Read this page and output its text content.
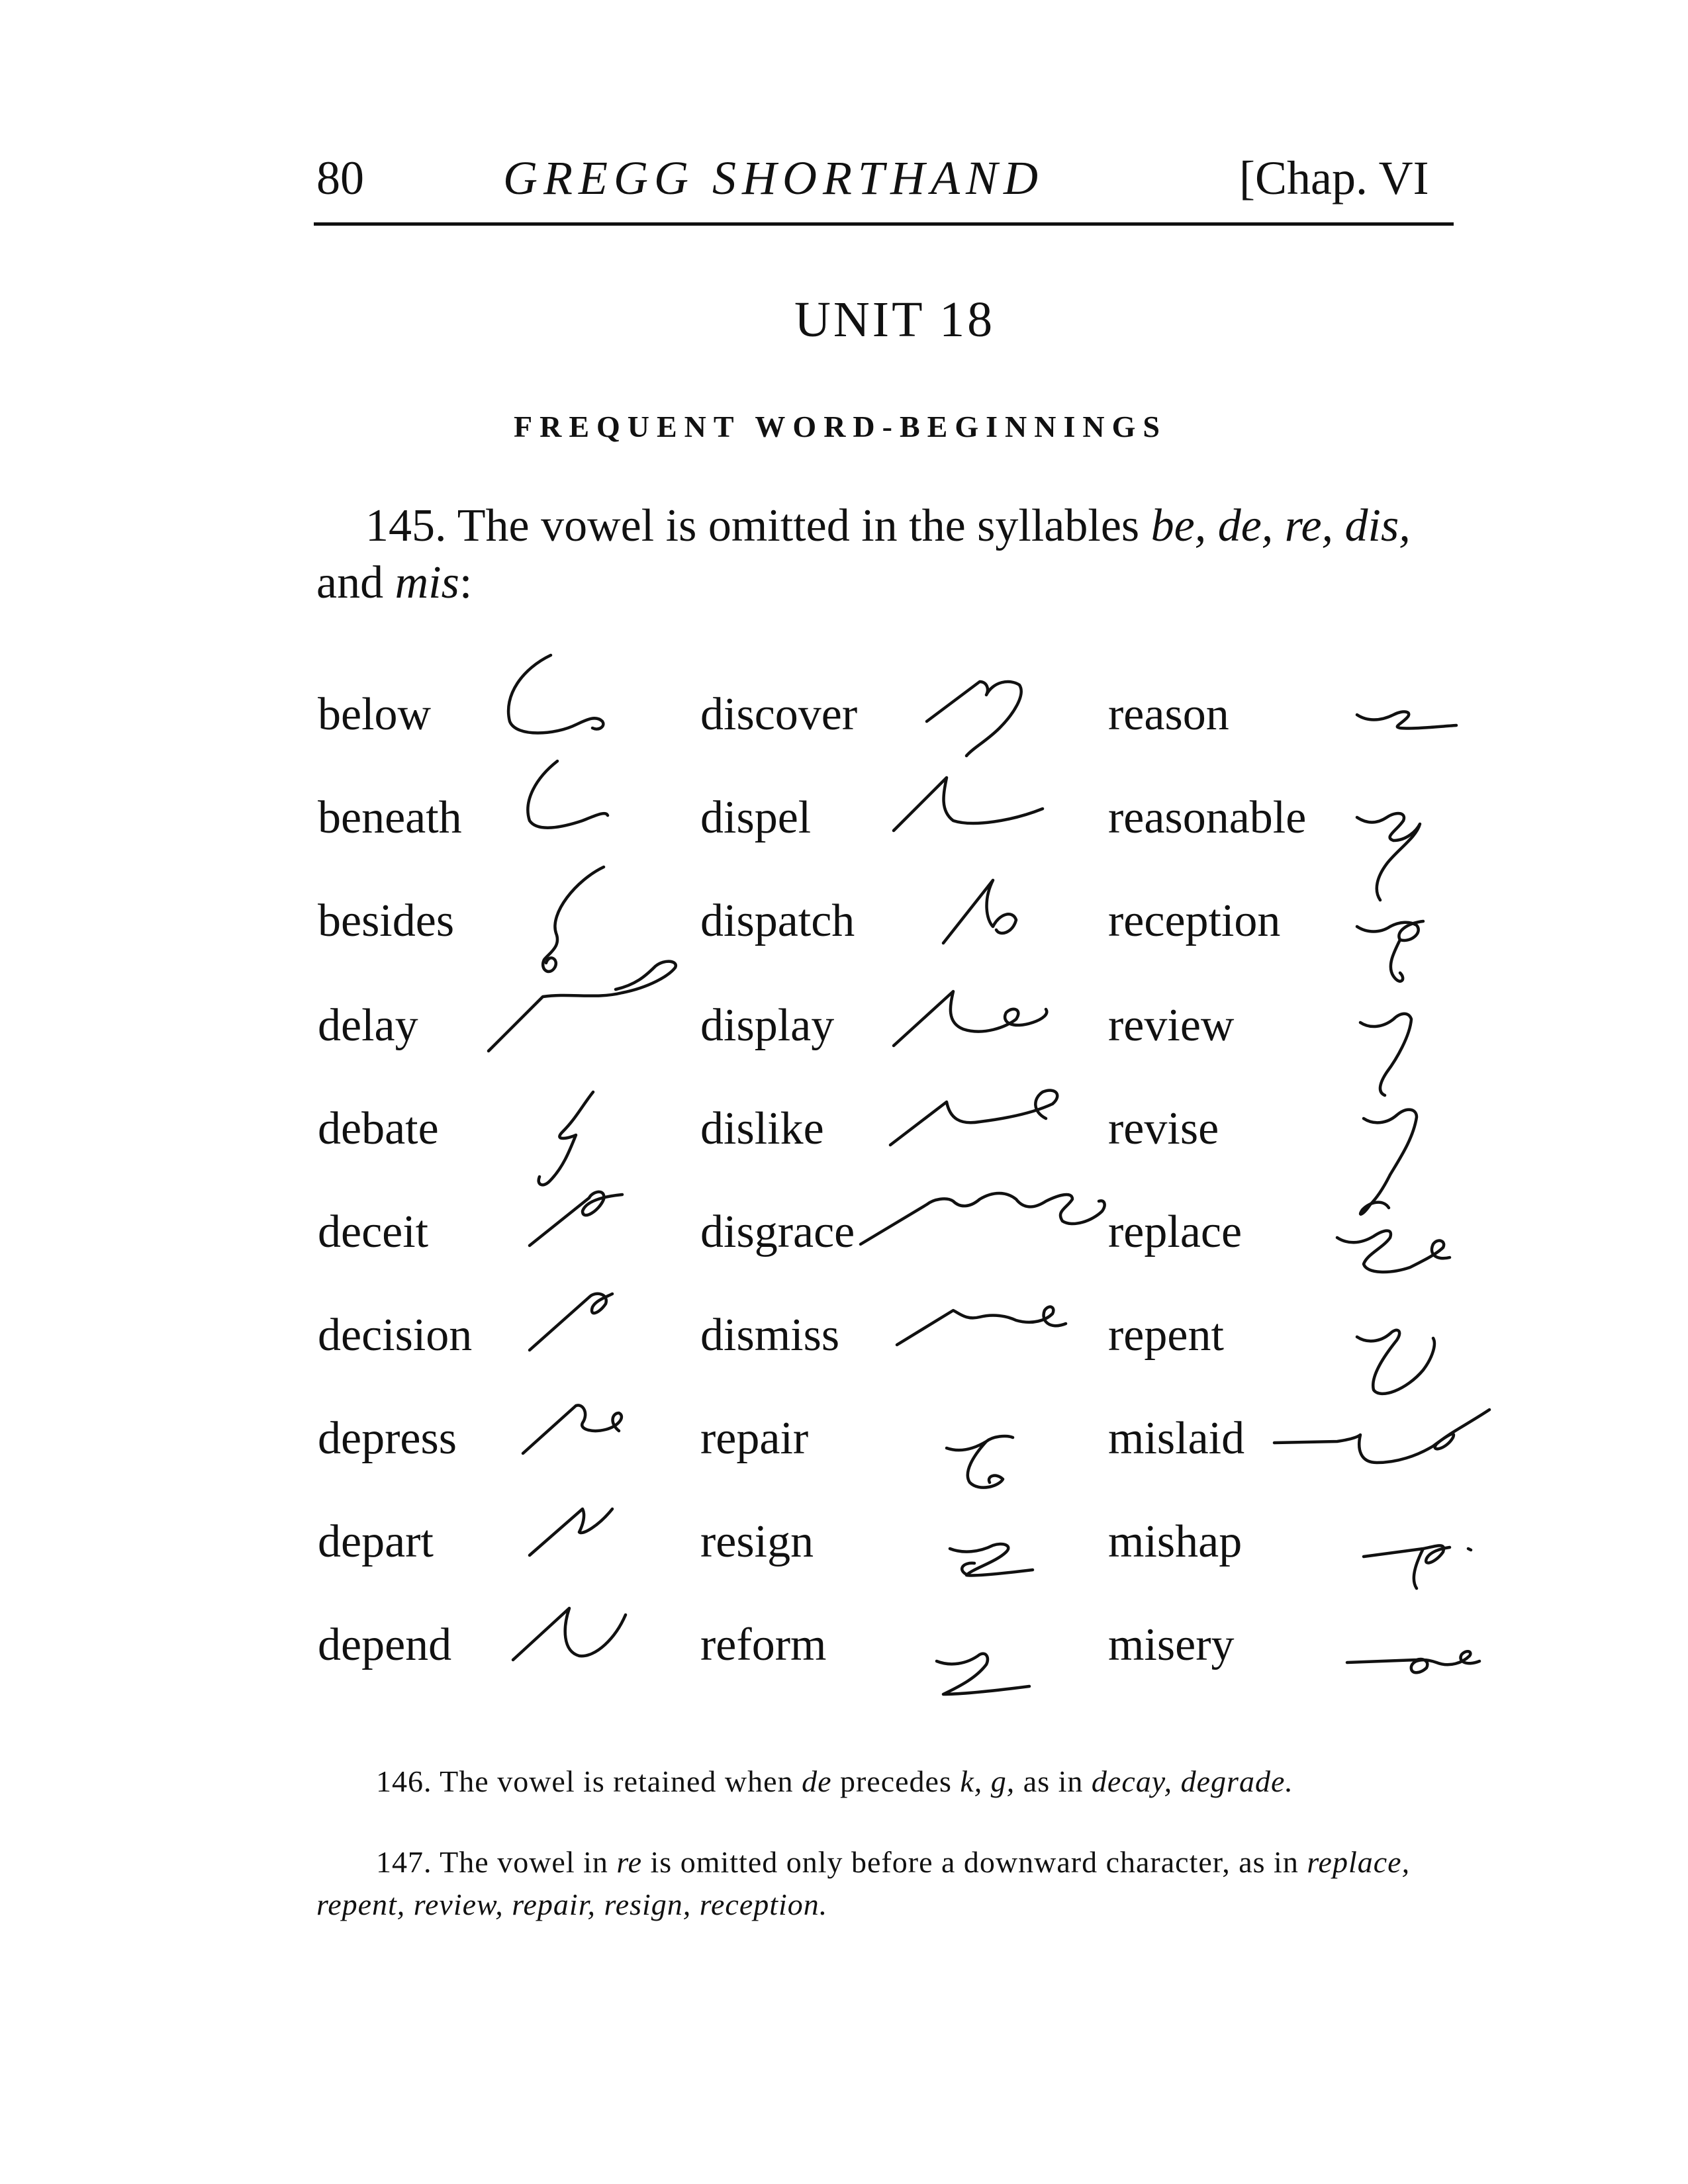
80	GREGG SHORTHAND	[Chap. VI
UNIT 18
FREQUENT WORD-BEGINNINGS
145. The vowel is omitted in the syllables be, de, re, dis, and mis:
below
beneath
besides
delay
debate
deceit
decision
depress
depart
depend
discover
dispel
dispatch
display
dislike
disgrace
dismiss
repair
resign
reform
reason
reasonable
reception
review
revise
replace
repent
mislaid
mishap
misery
146. The vowel is retained when de precedes k, g, as in decay, degrade.
147. The vowel in re is omitted only before a downward character, as in replace, repent, review, repair, resign, reception.
